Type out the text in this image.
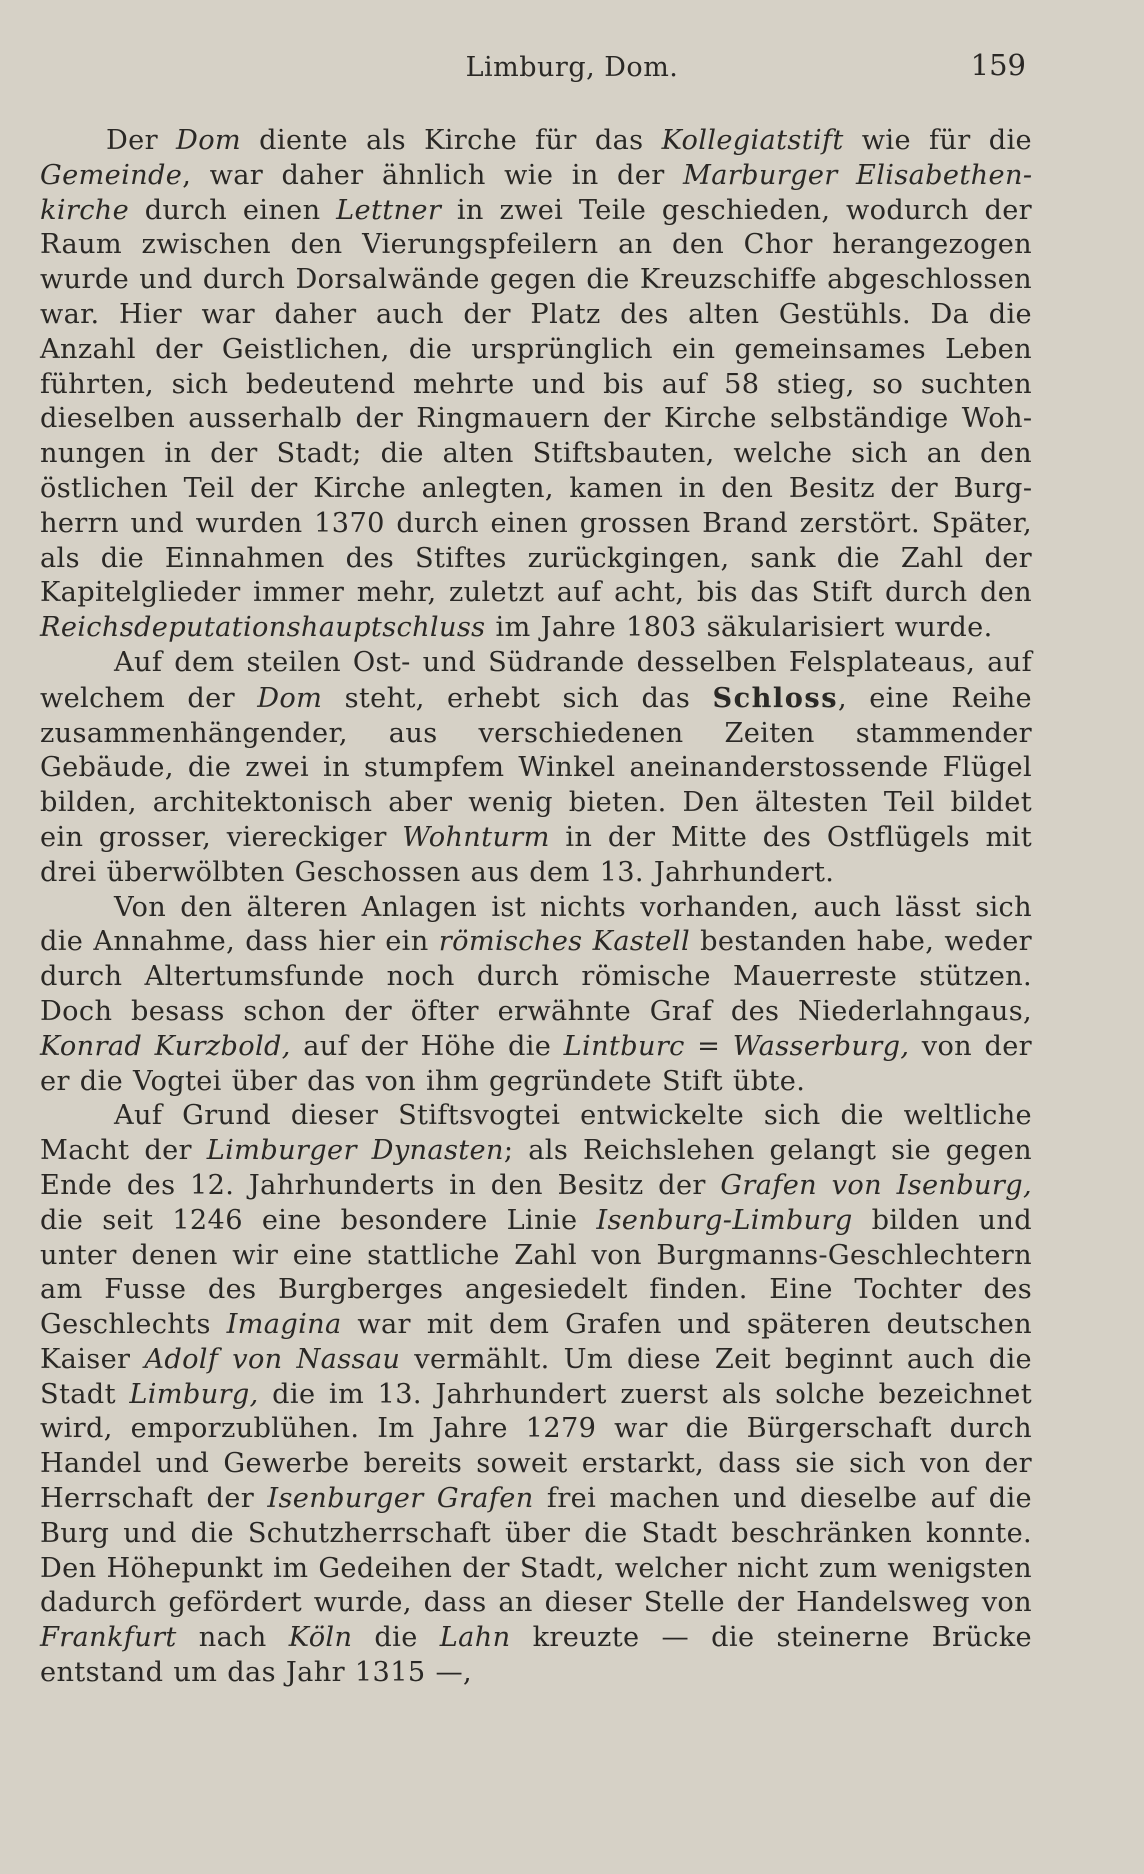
Limburg, Dom.	159

Der Dom diente als Kirche für das Kollegiatstift wie für die Gemeinde, war daher ähnlich wie in der Marburger Elisabethenkirche durch einen Lettner in zwei Teile geschieden, wodurch der Raum zwischen den Vierungspfeilern an den Chor herangezogen wurde und durch Dorsalwände gegen die Kreuzschiffe abgeschlossen war. Hier war daher auch der Platz des alten Gestühls. Da die Anzahl der Geistlichen, die ursprünglich ein gemeinsames Leben führten, sich bedeutend mehrte und bis auf 58 stieg, so suchten dieselben ausserhalb der Ringmauern der Kirche selbständige Wohnungen in der Stadt; die alten Stiftsbauten, welche sich an den östlichen Teil der Kirche anlegten, kamen in den Besitz der Burgherrn und wurden 1370 durch einen grossen Brand zerstört. Später, als die Einnahmen des Stiftes zurückgingen, sank die Zahl der Kapitelglieder immer mehr, zuletzt auf acht, bis das Stift durch den Reichsdeputationshauptschluss im Jahre 1803 säkularisiert wurde.

Auf dem steilen Ost- und Südrande desselben Felsplateaus, auf welchem der Dom steht, erhebt sich das Schloss, eine Reihe zusammenhängender, aus verschiedenen Zeiten stammender Gebäude, die zwei in stumpfem Winkel aneinanderstossende Flügel bilden, architektonisch aber wenig bieten. Den ältesten Teil bildet ein grosser, viereckiger Wohnturm in der Mitte des Ostflügels mit drei überwölbten Geschossen aus dem 13. Jahrhundert.

Von den älteren Anlagen ist nichts vorhanden, auch lässt sich die Annahme, dass hier ein römisches Kastell bestanden habe, weder durch Altertumsfunde noch durch römische Mauerreste stützen. Doch besass schon der öfter erwähnte Graf des Niederlahngaus, Konrad Kurzbold, auf der Höhe die Lintburc = Wasserburg, von der er die Vogtei über das von ihm gegründete Stift übte.

Auf Grund dieser Stiftsvogtei entwickelte sich die weltliche Macht der Limburger Dynasten; als Reichslehen gelangt sie gegen Ende des 12. Jahrhunderts in den Besitz der Grafen von Isenburg, die seit 1246 eine besondere Linie Isenburg-Limburg bilden und unter denen wir eine stattliche Zahl von Burgmanns-Geschlechtern am Fusse des Burgberges angesiedelt finden. Eine Tochter des Geschlechts Imagina war mit dem Grafen und späteren deutschen Kaiser Adolf von Nassau vermählt. Um diese Zeit beginnt auch die Stadt Limburg, die im 13. Jahrhundert zuerst als solche bezeichnet wird, emporzublühen. Im Jahre 1279 war die Bürgerschaft durch Handel und Gewerbe bereits soweit erstarkt, dass sie sich von der Herrschaft der Isenburger Grafen frei machen und dieselbe auf die Burg und die Schutzherrschaft über die Stadt beschränken konnte. Den Höhepunkt im Gedeihen der Stadt, welcher nicht zum wenigsten dadurch gefördert wurde, dass an dieser Stelle der Handelsweg von Frankfurt nach Köln die Lahn kreuzte — die steinerne Brücke entstand um das Jahr 1315 —,
